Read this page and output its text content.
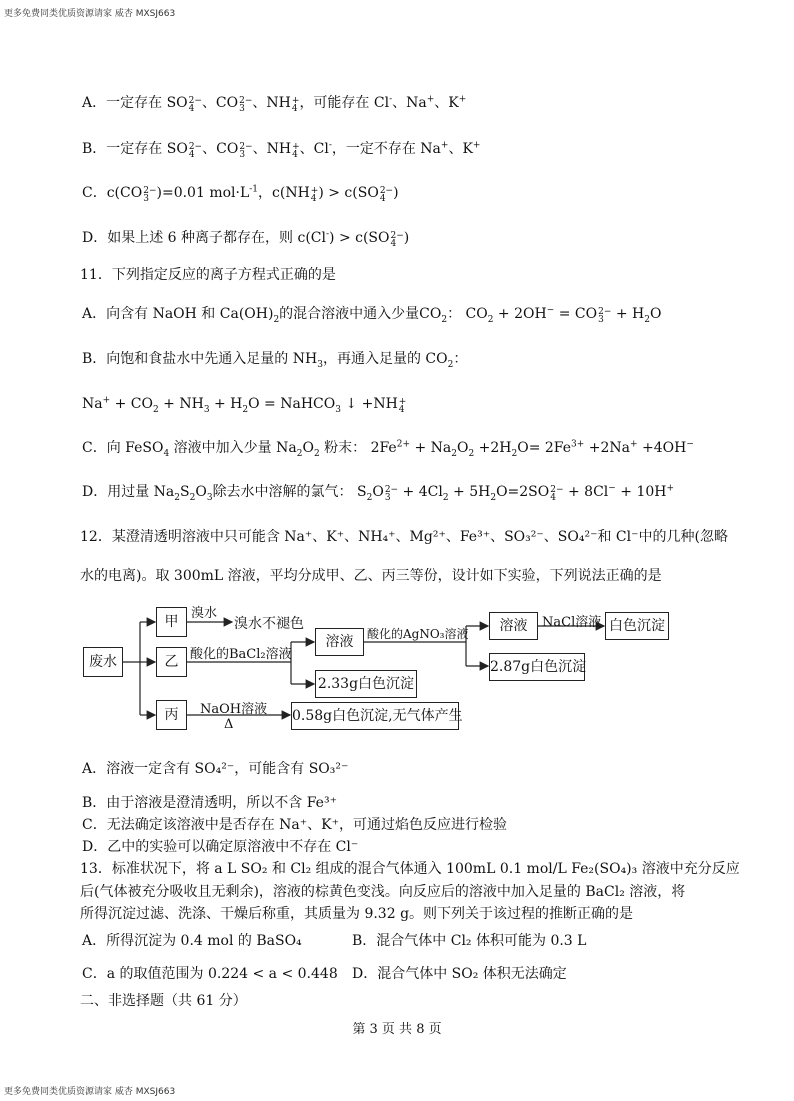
更多免费同类优质资源请家 威杏 MXSJ663
A．一定存在 SO 2−
4 、CO 2−
3 、NH +
4 ，可能存在 Cl-、Na+、K+
B．一定存在 SO 2−
4 、CO 2−
3 、NH +
4 、Cl-，一定不存在 Na+、K+
C．c(CO 2−
3 )=0.01 $mol\cdot L^{-1}$，c(NH +
4 ) > c(SO 2−
4 )
D．如果上述 6 种离子都存在，则 c(Cl-) > c(SO 2−
4 )
11．下列指定反应的离子方程式正确的是
A．向含有 NaOH 和 $Ca(OH)_2$的混合溶液中通入少量$CO_2$： $CO_2 + 2OH^-$ = CO 2−
$3 + H_2O$
B．向饱和食盐水中先通入足量的 $NH_3$，再通入足量的 $CO_2$：
$Na^+ + CO_2 + NH_3 + H_2O$ = NaHCO$_3$ ↓ +NH +
4
C．向 FeSO$_4$ 溶液中加入少量 $Na_2O_2$ 粉末： $2Fe^{2+} + Na_2O_2 +2H_2O= 2Fe^{3+} +2Na^+ +4OH^-$
D．用过量 $Na_2S_2O_3$除去水中溶解的氯气： $S_2O$ 2−
$3 + 4Cl_2 + 5H_2O=2SO$ 2−
4 + 8Cl− + 10H+
12．某澄清透明溶液中只可能含 Na⁺、K⁺、NH₄⁺、Mg²⁺、Fe³⁺、SO₃²⁻、SO₄²⁻和 Cl⁻中的几种(忽略
水的电离)。取 300mL 溶液，平均分成甲、乙、丙三等份，设计如下实验，下列说法正确的是
废水
甲
乙
丙
溴水
溴水不褪色
酸化的BaCl₂溶液
溶液
2.33g白色沉淀
酸化的AgNO₃溶液	溶液	NaCl溶液 白色沉淀
2.87g白色沉淀
NaOH溶液
Δ
0.58g白色沉淀,无气体产生
A．溶液一定含有 SO₄²⁻，可能含有 SO₃²⁻
B．由于溶液是澄清透明，所以不含 Fe³⁺
C．无法确定该溶液中是否存在 Na⁺、K⁺，可通过焰色反应进行检验
D．乙中的实验可以确定原溶液中不存在 Cl⁻
13．标准状况下，将 a L SO₂ 和 Cl₂ 组成的混合气体通入 100mL 0.1 mol/L Fe₂(SO₄)₃ 溶液中充分反应
后(气体被充分吸收且无剩余)，溶液的棕黄色变浅。向反应后的溶液中加入足量的 BaCl₂ 溶液，将
所得沉淀过滤、洗涤、干燥后称重，其质量为 9.32 g。则下列关于该过程的推断正确的是
A．所得沉淀为 0.4 mol 的 BaSO₄	B．混合气体中 Cl₂ 体积可能为 0.3 L
C．a 的取值范围为 0.224 < a < 0.448 D．混合气体中 SO₂ 体积无法确定
二、非选择题（共 61 分）
第 3 页 共 8 页
更多免费同类优质资源请家 威杏 MXSJ663
